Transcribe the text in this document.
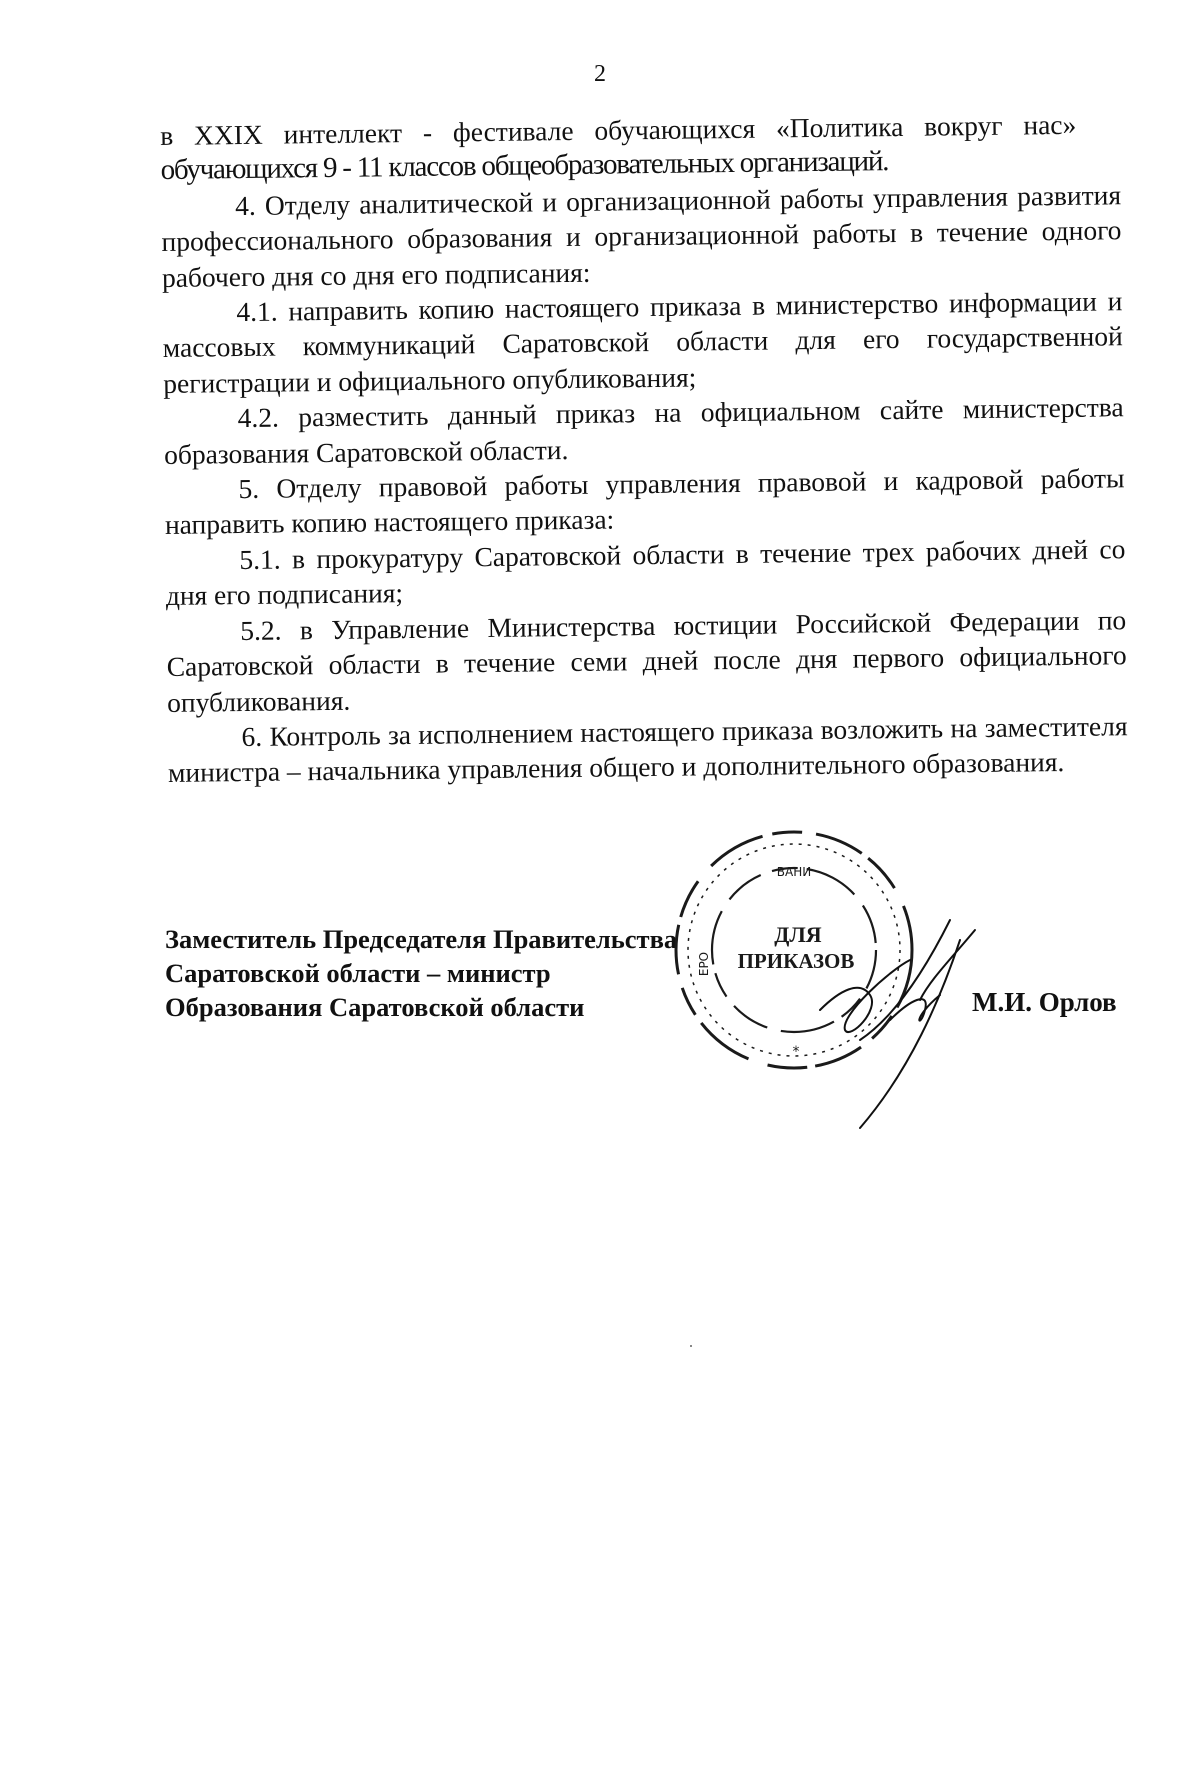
2

в XXIX интеллект - фестивале обучающихся «Политика вокруг нас»

обучающихся 9 - 11 классов общеобразовательных организаций.

4. Отделу аналитической и организационной работы управления развития профессионального образования и организационной работы в течение одного рабочего дня со дня его подписания:

4.1. направить копию настоящего приказа в министерство информации и массовых коммуникаций Саратовской области для его государственной регистрации и официального опубликования;

4.2. разместить данный приказ на официальном сайте министерства образования Саратовской области.

5. Отделу правовой работы управления правовой и кадровой работы направить копию настоящего приказа:

5.1. в прокуратуру Саратовской области в течение трех рабочих дней со дня его подписания;

5.2. в Управление Министерства юстиции Российской Федерации по Саратовской области в течение семи дней после дня первого официального опубликования.

6. Контроль за исполнением настоящего приказа возложить на заместителя министра – начальника управления общего и дополнительного образования.

Заместитель Председателя Правительства
Саратовской области – министр
Образования Саратовской области
ВАНИ
ЕРО
ДЛЯ
ПРИКАЗОВ
*
М.И. Орлов
